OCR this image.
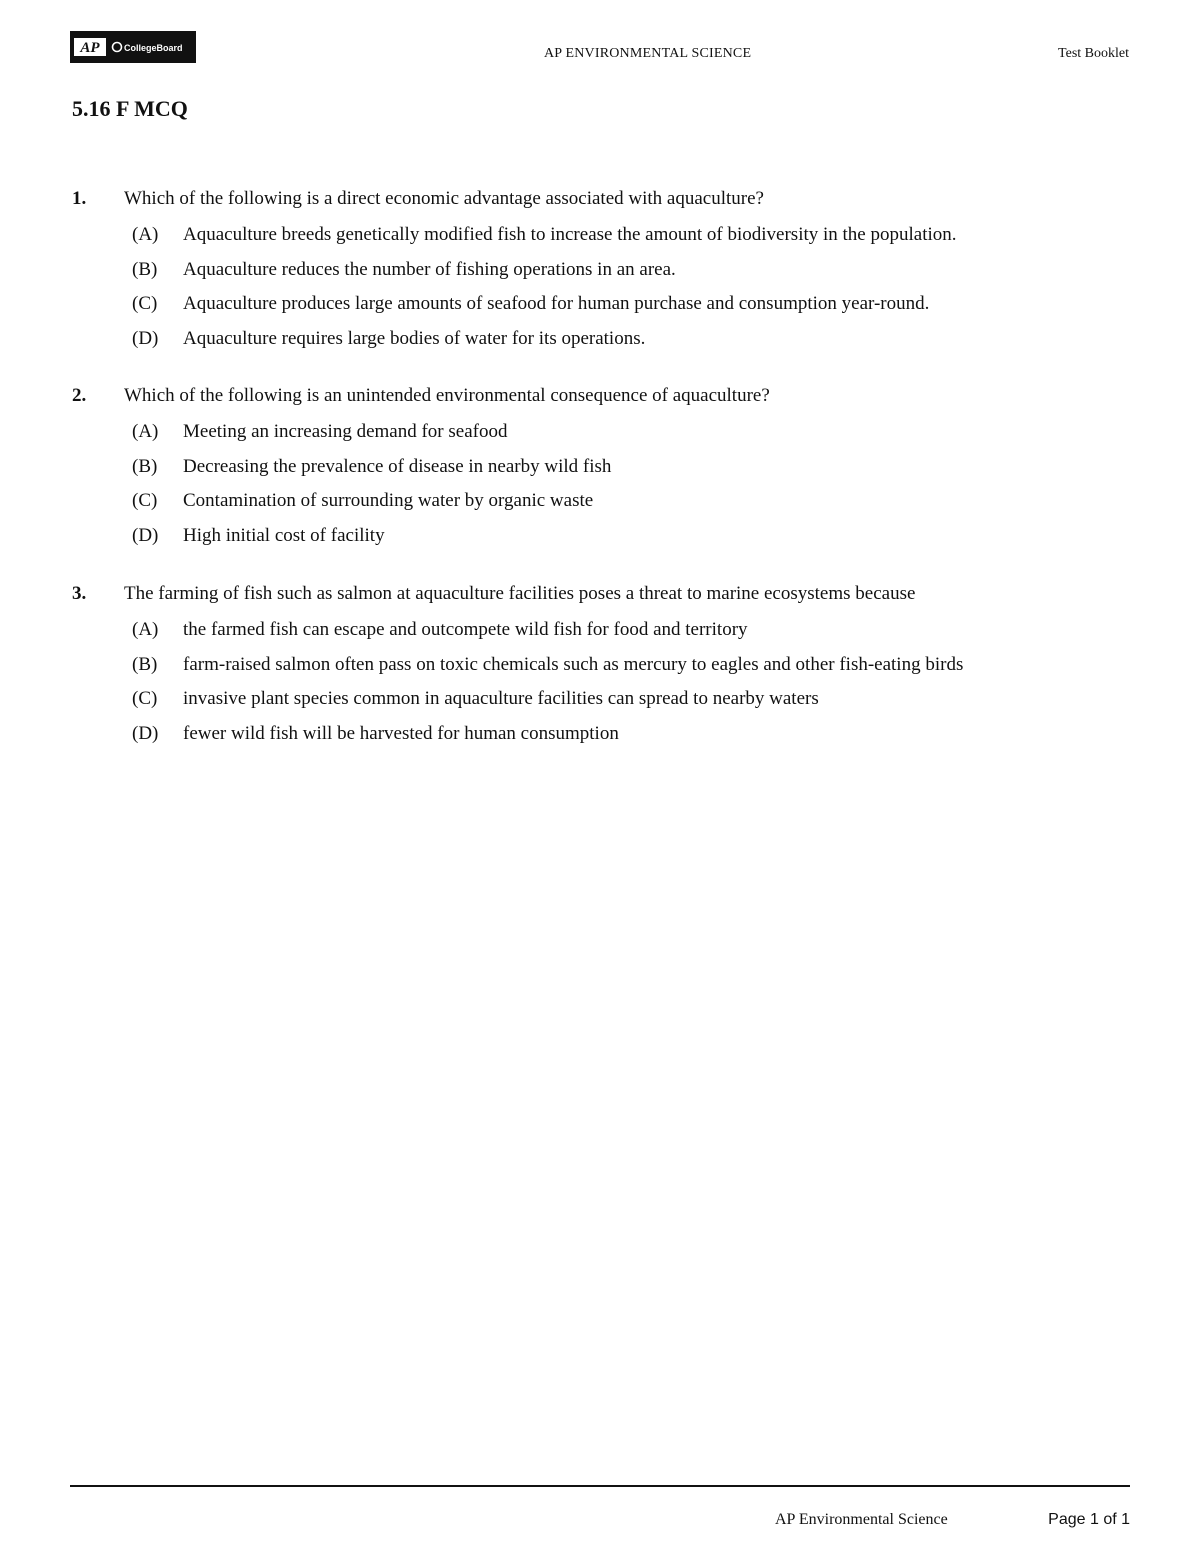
AP	CollegeBoard	AP ENVIRONMENTAL SCIENCE	Test Booklet
5.16 F MCQ
1. Which of the following is a direct economic advantage associated with aquaculture?
(A) Aquaculture breeds genetically modified fish to increase the amount of biodiversity in the population.
(B) Aquaculture reduces the number of fishing operations in an area.
(C) Aquaculture produces large amounts of seafood for human purchase and consumption year-round.
(D) Aquaculture requires large bodies of water for its operations.
2. Which of the following is an unintended environmental consequence of aquaculture?
(A) Meeting an increasing demand for seafood
(B) Decreasing the prevalence of disease in nearby wild fish
(C) Contamination of surrounding water by organic waste
(D) High initial cost of facility
3. The farming of fish such as salmon at aquaculture facilities poses a threat to marine ecosystems because
(A) the farmed fish can escape and outcompete wild fish for food and territory
(B) farm-raised salmon often pass on toxic chemicals such as mercury to eagles and other fish-eating birds
(C) invasive plant species common in aquaculture facilities can spread to nearby waters
(D) fewer wild fish will be harvested for human consumption
AP Environmental Science	Page 1 of 1
